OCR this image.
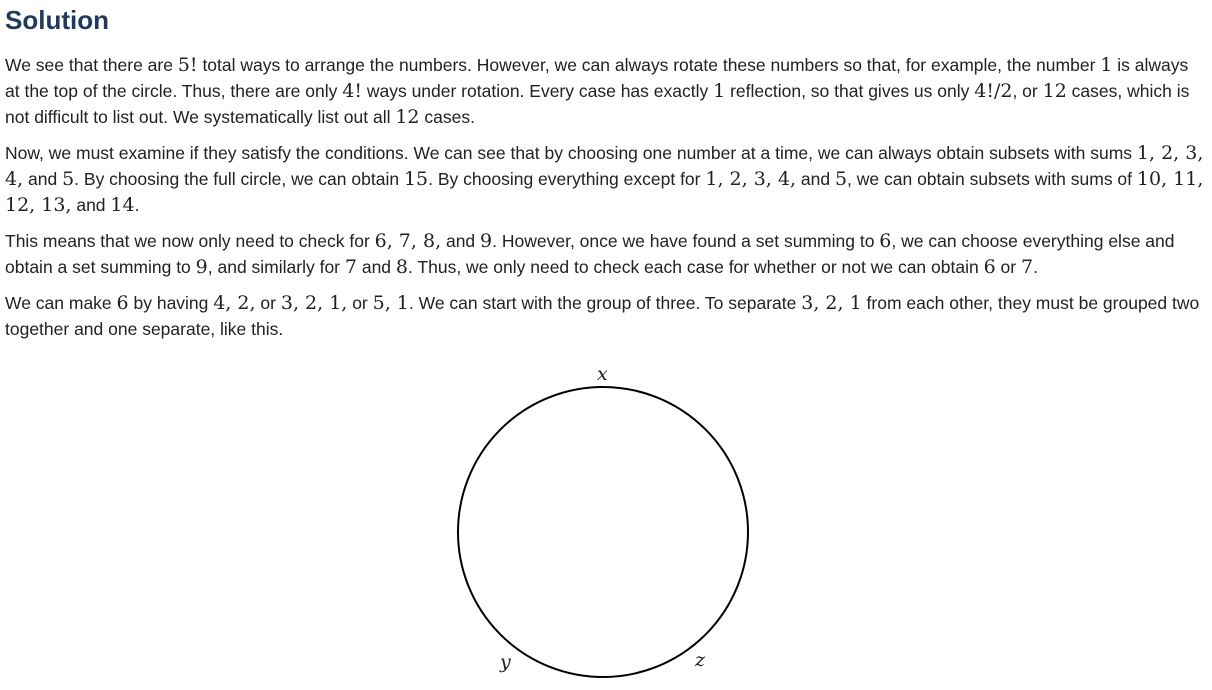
Solution

We see that there are 5! total ways to arrange the numbers. However, we can always rotate these numbers so that, for example, the number 1 is always at the top of the circle. Thus, there are only 4! ways under rotation. Every case has exactly 1 reflection, so that gives us only 4!/2, or 12 cases, which is not difficult to list out. We systematically list out all 12 cases.

Now, we must examine if they satisfy the conditions. We can see that by choosing one number at a time, we can always obtain subsets with sums 1, 2, 3, 4, and 5. By choosing the full circle, we can obtain 15. By choosing everything except for 1, 2, 3, 4, and 5, we can obtain subsets with sums of 10, 11, 12, 13, and 14.

This means that we now only need to check for 6, 7, 8, and 9. However, once we have found a set summing to 6, we can choose everything else and obtain a set summing to 9, and similarly for 7 and 8. Thus, we only need to check each case for whether or not we can obtain 6 or 7.

We can make 6 by having 4, 2, or 3, 2, 1, or 5, 1. We can start with the group of three. To separate 3, 2, 1 from each other, they must be grouped two together and one separate, like this.

x
y	z
